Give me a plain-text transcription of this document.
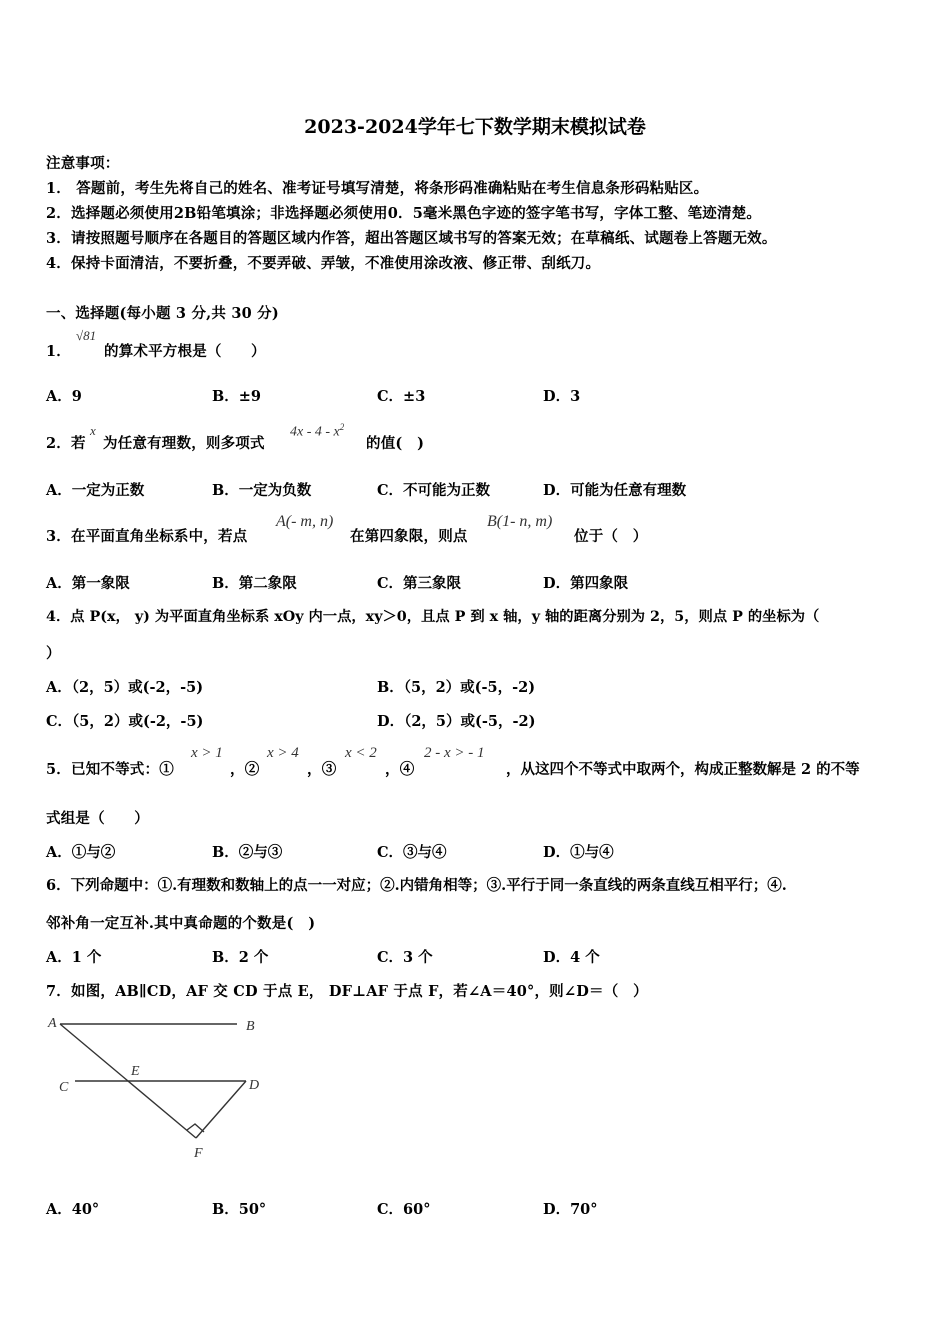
2023-2024学年七下数学期末模拟试卷
注意事项：
1． 答题前，考生先将自己的姓名、准考证号填写清楚，将条形码准确粘贴在考生信息条形码粘贴区。
2．选择题必须使用2B铅笔填涂；非选择题必须使用0．5毫米黑色字迹的签字笔书写，字体工整、笔迹清楚。
3．请按照题号顺序在各题目的答题区域内作答，超出答题区域书写的答案无效；在草稿纸、试题卷上答题无效。
4．保持卡面清洁，不要折叠，不要弄破、弄皱，不准使用涂改液、修正带、刮纸刀。
一、选择题(每小题 3 分,共 30 分)
1．
√81
的算术平方根是（　　）
A．9	B．±9	C．±3	D．3
2．若
x
为任意有理数，则多项式
$4x - 4 - x^2$
的值(　)
A．一定为正数	B．一定为负数	C．不可能为正数	D．可能为任意有理数
3．在平面直角坐标系中，若点
A(- m, n)
在第四象限，则点
B(1- n, m)
位于（　）
A．第一象限	B．第二象限	C．第三象限	D．第四象限
4．点 P(x， y) 为平面直角坐标系 xOy 内一点，xy＞0，且点 P 到 x 轴，y 轴的距离分别为 2，5，则点 P 的坐标为（
）
A．（2，5）或(-2，-5)	B．（5，2）或(-5，-2)
C．（5，2）或(-2，-5)	D．（2，5）或(-5，-2)
5．已知不等式：①
x > 1
，②
x > 4
，③
x < 2
，④
2 - x > - 1
，从这四个不等式中取两个，构成正整数解是 2 的不等
式组是（　　）
A．①与②	B．②与③	C．③与④	D．①与④
6．下列命题中：①.有理数和数轴上的点一一对应；②.内错角相等；③.平行于同一条直线的两条直线互相平行；④.
邻补角一定互补.其中真命题的个数是(　)
A．1 个	B．2 个	C．3 个	D．4 个
7．如图，AB∥CD，AF 交 CD 于点 E， DF⊥AF 于点 F，若∠A＝40°，则∠D＝（　）
A	B
C	D
E
F
A．40°	B．50°	C．60°	D．70°
